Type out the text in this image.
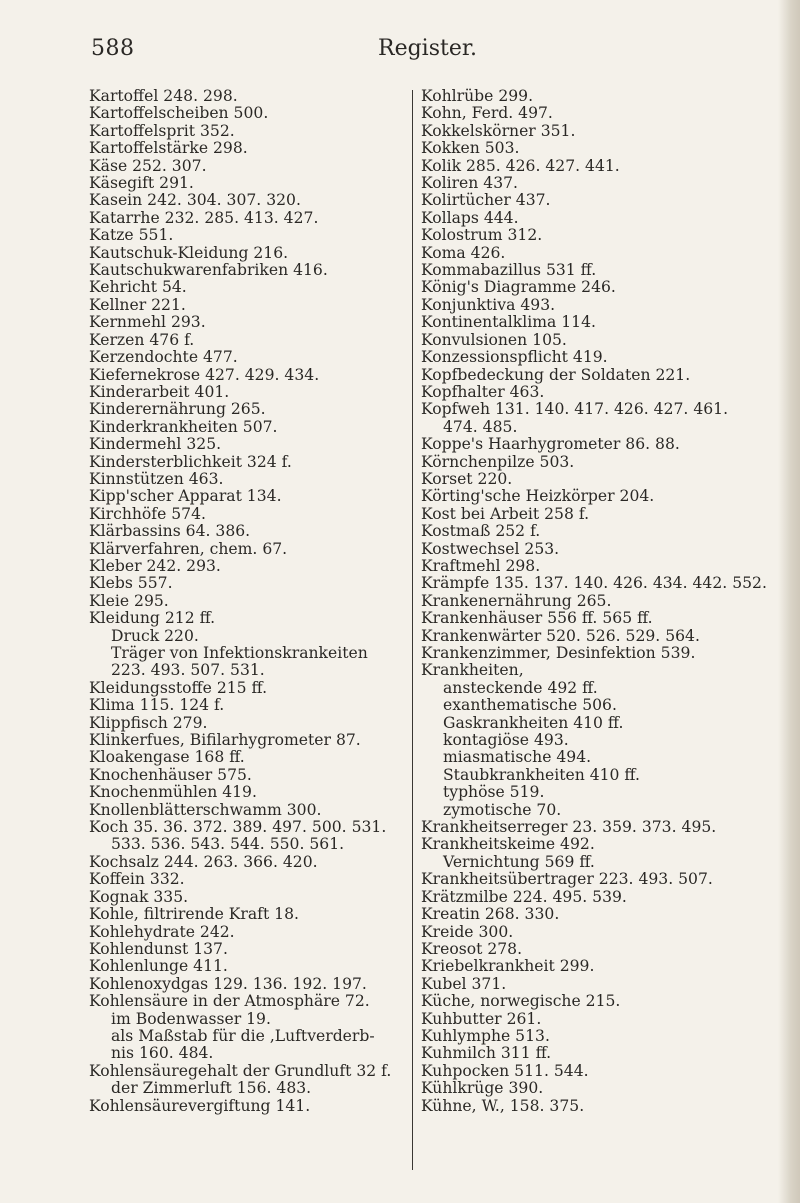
588	Register.
Kartoffel 248. 298.
Kartoffelscheiben 500.
Kartoffelsprit 352.
Kartoffelstärke 298.
Käse 252. 307.
Käsegift 291.
Kasein 242. 304. 307. 320.
Katarrhe 232. 285. 413. 427.
Katze 551.
Kautschuk-Kleidung 216.
Kautschukwarenfabriken 416.
Kehricht 54.
Kellner 221.
Kernmehl 293.
Kerzen 476 f.
Kerzendochte 477.
Kiefernekrose 427. 429. 434.
Kinderarbeit 401.
Kinderernährung 265.
Kinderkrankheiten 507.
Kindermehl 325.
Kindersterblichkeit 324 f.
Kinnstützen 463.
Kipp'scher Apparat 134.
Kirchhöfe 574.
Klärbassins 64. 386.
Klärverfahren, chem. 67.
Kleber 242. 293.
Klebs 557.
Kleie 295.
Kleidung 212 ff.
Druck 220.
Träger von Infektionskrankeiten
223. 493. 507. 531.
Kleidungsstoffe 215 ff.
Klima 115. 124 f.
Klippfisch 279.
Klinkerfues, Bifilarhygrometer 87.
Kloakengase 168 ff.
Knochenhäuser 575.
Knochenmühlen 419.
Knollenblätterschwamm 300.
Koch 35. 36. 372. 389. 497. 500. 531.
533. 536. 543. 544. 550. 561.
Kochsalz 244. 263. 366. 420.
Koffein 332.
Kognak 335.
Kohle, filtrirende Kraft 18.
Kohlehydrate 242.
Kohlendunst 137.
Kohlenlunge 411.
Kohlenoxydgas 129. 136. 192. 197.
Kohlensäure in der Atmosphäre 72.
im Bodenwasser 19.
als Maßstab für die ‚Luftverderb-
nis 160. 484.
Kohlensäuregehalt der Grundluft 32 f.
der Zimmerluft 156. 483.
Kohlensäurevergiftung 141.
Kohlrübe 299.
Kohn, Ferd. 497.
Kokkelskörner 351.
Kokken 503.
Kolik 285. 426. 427. 441.
Koliren 437.
Kolirtücher 437.
Kollaps 444.
Kolostrum 312.
Koma 426.
Kommabazillus 531 ff.
König's Diagramme 246.
Konjunktiva 493.
Kontinentalklima 114.
Konvulsionen 105.
Konzessionspflicht 419.
Kopfbedeckung der Soldaten 221.
Kopfhalter 463.
Kopfweh 131. 140. 417. 426. 427. 461.
474. 485.
Koppe's Haarhygrometer 86. 88.
Körnchenpilze 503.
Korset 220.
Körting'sche Heizkörper 204.
Kost bei Arbeit 258 f.
Kostmaß 252 f.
Kostwechsel 253.
Kraftmehl 298.
Krämpfe 135. 137. 140. 426. 434. 442. 552.
Krankenernährung 265.
Krankenhäuser 556 ff. 565 ff.
Krankenwärter 520. 526. 529. 564.
Krankenzimmer, Desinfektion 539.
Krankheiten,
ansteckende 492 ff.
exanthematische 506.
Gaskrankheiten 410 ff.
kontagiöse 493.
miasmatische 494.
Staubkrankheiten 410 ff.
typhöse 519.
zymotische 70.
Krankheitserreger 23. 359. 373. 495.
Krankheitskeime 492.
Vernichtung 569 ff.
Krankheitsübertrager 223. 493. 507.
Krätzmilbe 224. 495. 539.
Kreatin 268. 330.
Kreide 300.
Kreosot 278.
Kriebelkrankheit 299.
Kubel 371.
Küche, norwegische 215.
Kuhbutter 261.
Kuhlymphe 513.
Kuhmilch 311 ff.
Kuhpocken 511. 544.
Kühlkrüge 390.
Kühne, W., 158. 375.
